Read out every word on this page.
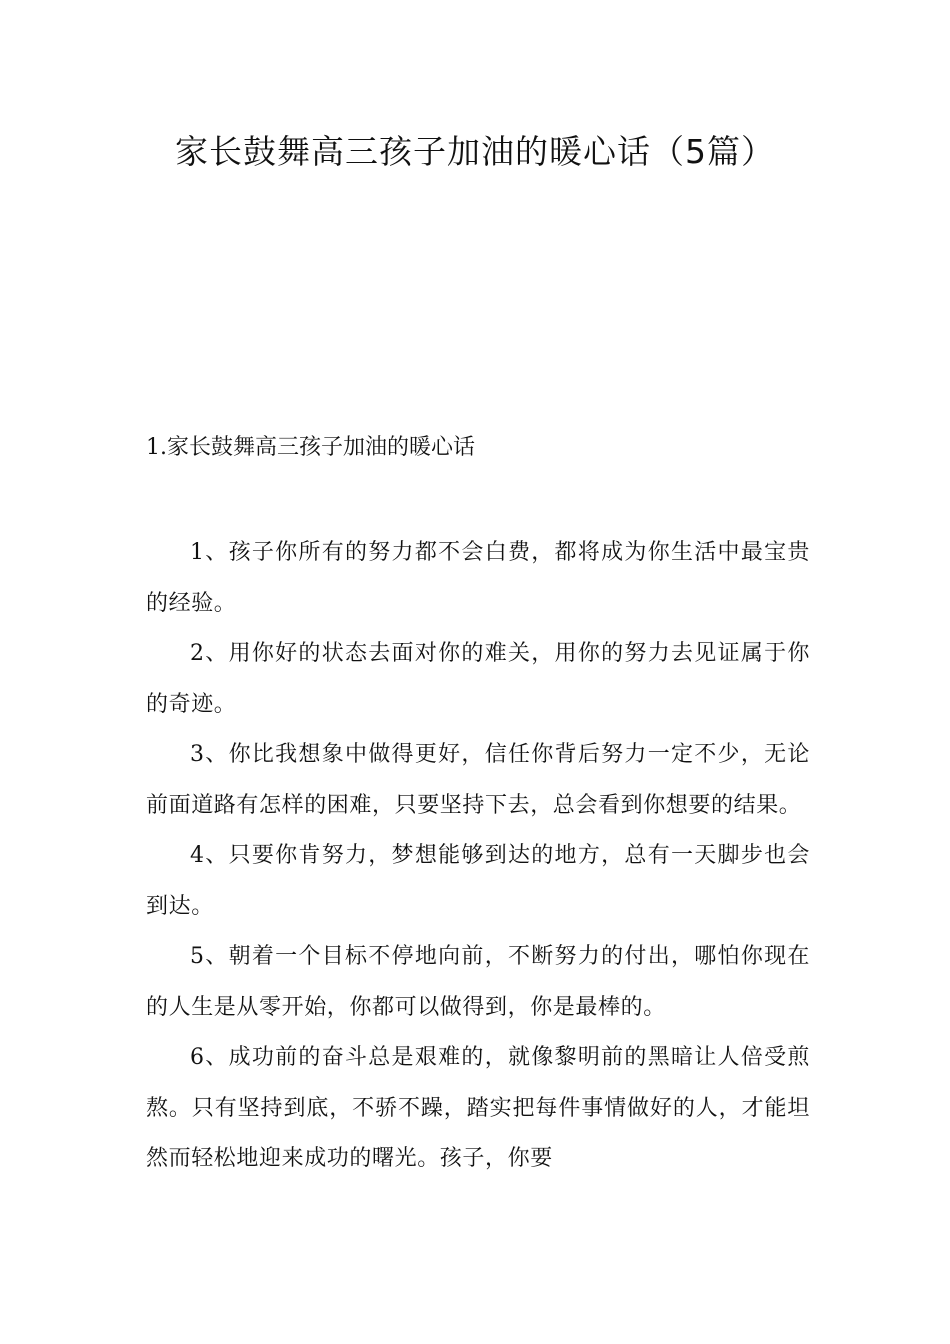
家长鼓舞高三孩子加油的暖心话（5篇）
1.家长鼓舞高三孩子加油的暖心话

1、孩子你所有的努力都不会白费，都将成为你生活中最宝贵的经验。

2、用你好的状态去面对你的难关，用你的努力去见证属于你的奇迹。

3、你比我想象中做得更好，信任你背后努力一定不少，无论前面道路有怎样的困难，只要坚持下去，总会看到你想要的结果。

4、只要你肯努力，梦想能够到达的地方，总有一天脚步也会到达。

5、朝着一个目标不停地向前，不断努力的付出，哪怕你现在的人生是从零开始，你都可以做得到，你是最棒的。

6、成功前的奋斗总是艰难的，就像黎明前的黑暗让人倍受煎熬。只有坚持到底，不骄不躁，踏实把每件事情做好的人，才能坦然而轻松地迎来成功的曙光。孩子，你要
